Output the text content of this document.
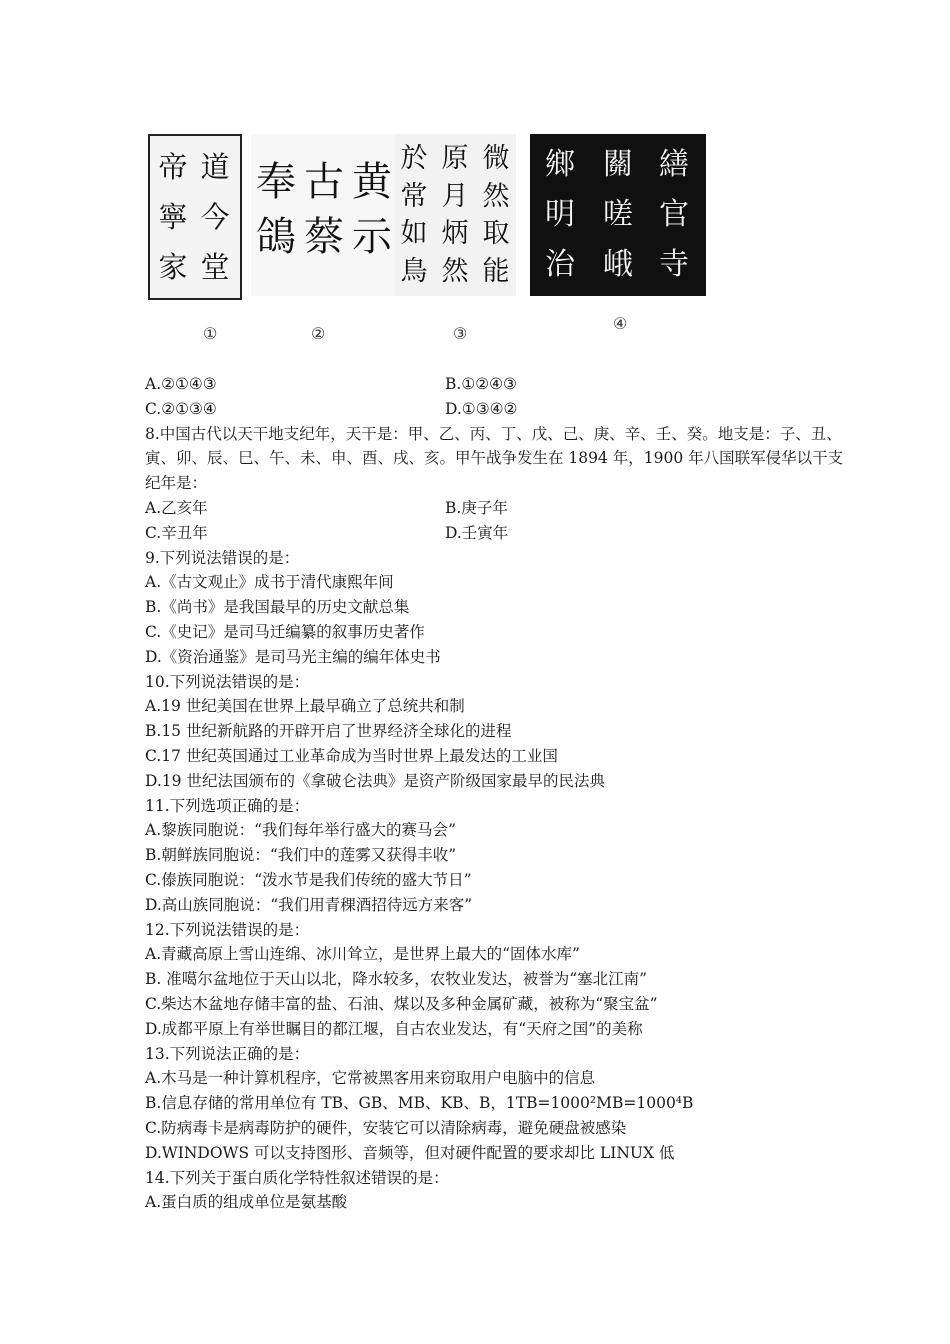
帝
寧
家
道
今
堂
奉
鴿
古
蔡
黄
示
於
常
如
鳥
原
月
炳
然
微
然
取
能
鄉
明
治
關
嗟
峨
繕
官
寺
①	②	③
④
A.②①④③	B.①②④③
C.②①③④	D.①③④②
8.中国古代以天干地支纪年，天干是：甲、乙、丙、丁、戊、己、庚、辛、壬、癸。地支是：子、丑、
寅、卯、辰、巳、午、未、申、酉、戌、亥。甲午战争发生在 1894 年，1900 年八国联军侵华以干支
纪年是：
A.乙亥年	B.庚子年
C.辛丑年	D.壬寅年
9.下列说法错误的是：
A.《古文观止》成书于清代康熙年间
B.《尚书》是我国最早的历史文献总集
C.《史记》是司马迁编纂的叙事历史著作
D.《资治通鉴》是司马光主编的编年体史书
10.下列说法错误的是：
A.19 世纪美国在世界上最早确立了总统共和制
B.15 世纪新航路的开辟开启了世界经济全球化的进程
C.17 世纪英国通过工业革命成为当时世界上最发达的工业国
D.19 世纪法国颁布的《拿破仑法典》是资产阶级国家最早的民法典
11.下列选项正确的是：
A.黎族同胞说：“我们每年举行盛大的赛马会”
B.朝鲜族同胞说：“我们中的莲雾又获得丰收”
C.傣族同胞说：“泼水节是我们传统的盛大节日”
D.高山族同胞说：“我们用青稞酒招待远方来客”
12.下列说法错误的是：
A.青藏高原上雪山连绵、冰川耸立，是世界上最大的“固体水库”
B. 准噶尔盆地位于天山以北，降水较多，农牧业发达，被誉为“塞北江南”
C.柴达木盆地存储丰富的盐、石油、煤以及多种金属矿藏，被称为“聚宝盆”
D.成都平原上有举世瞩目的都江堰，自古农业发达，有“天府之国”的美称
13.下列说法正确的是：
A.木马是一种计算机程序，它常被黑客用来窃取用户电脑中的信息
B.信息存储的常用单位有 TB、GB、MB、KB、B，1TB=1000²MB=1000⁴B
C.防病毒卡是病毒防护的硬件，安装它可以清除病毒，避免硬盘被感染
D.WINDOWS 可以支持图形、音频等，但对硬件配置的要求却比 LINUX 低
14.下列关于蛋白质化学特性叙述错误的是：
A.蛋白质的组成单位是氨基酸
